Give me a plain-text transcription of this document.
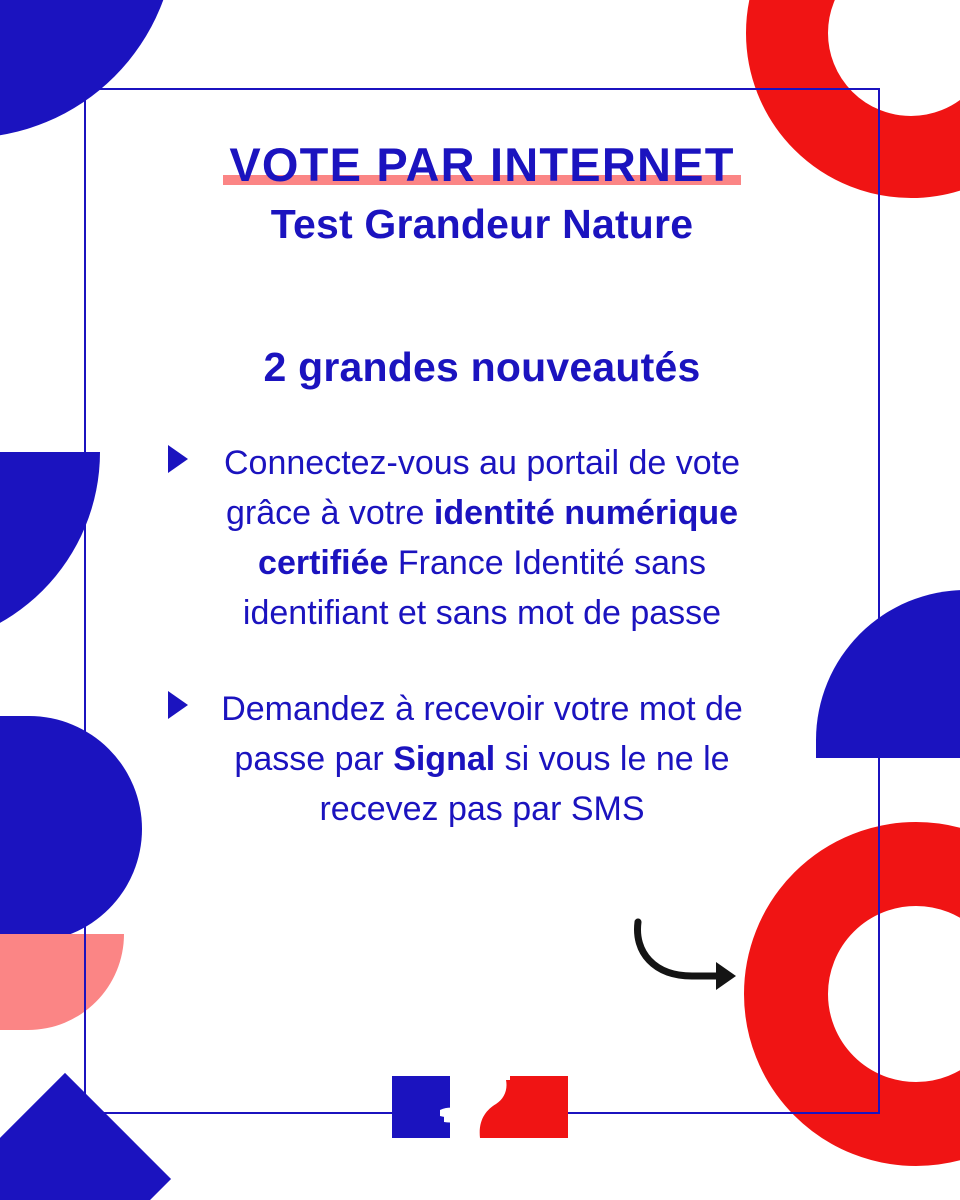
VOTE PAR INTERNET
Test Grandeur Nature
2 grandes nouveautés
Connectez-vous au portail de vote grâce à votre identité numérique certifiée France Identité sans identifiant et sans mot de passe
Demandez à recevoir votre mot de passe par Signal si vous le ne le recevez pas par SMS
